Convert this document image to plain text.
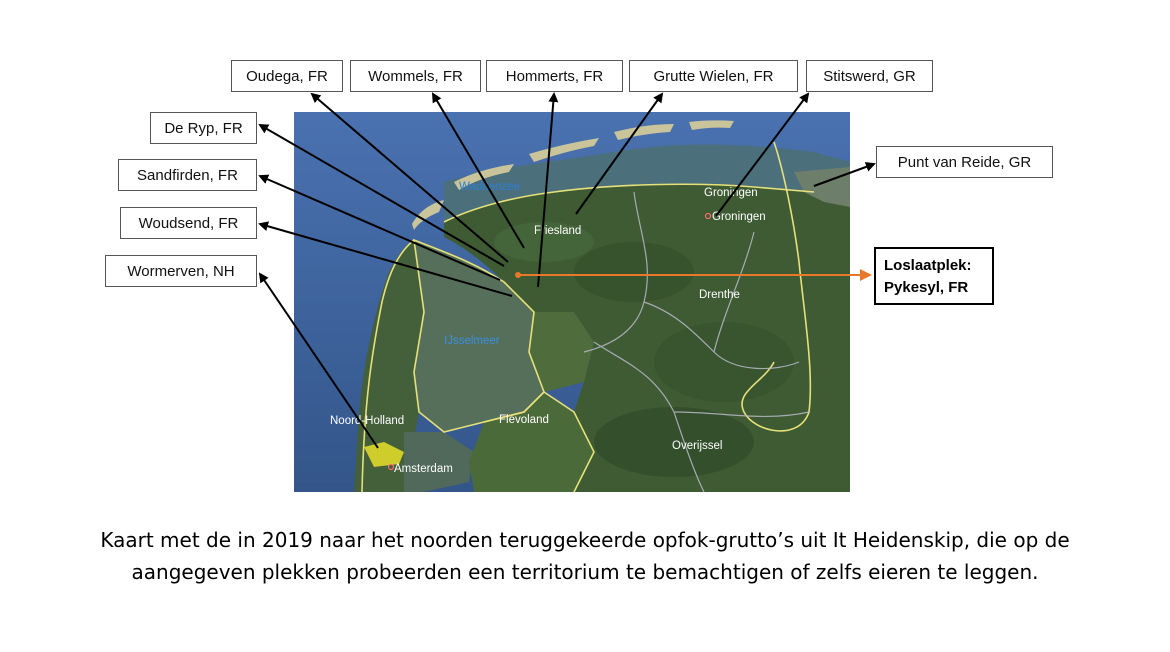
Waddenzee
Friesland
Groningen
Groningen
Drenthe
IJsselmeer
Noord-Holland	Flevoland
Overijssel
Amsterdam
Oudega, FR	Wommels, FR	Hommerts, FR	Grutte Wielen, FR	Stitswerd, GR
Punt van Reide, GR
De Ryp, FR
Sandfirden, FR
Woudsend, FR
Wormerven, NH	Loslaatplek:
Pykesyl, FR
Kaart met de in 2019 naar het noorden teruggekeerde opfok-grutto’s uit It Heidenskip, die op de
aangegeven plekken probeerden een territorium te bemachtigen of zelfs eieren te leggen.
